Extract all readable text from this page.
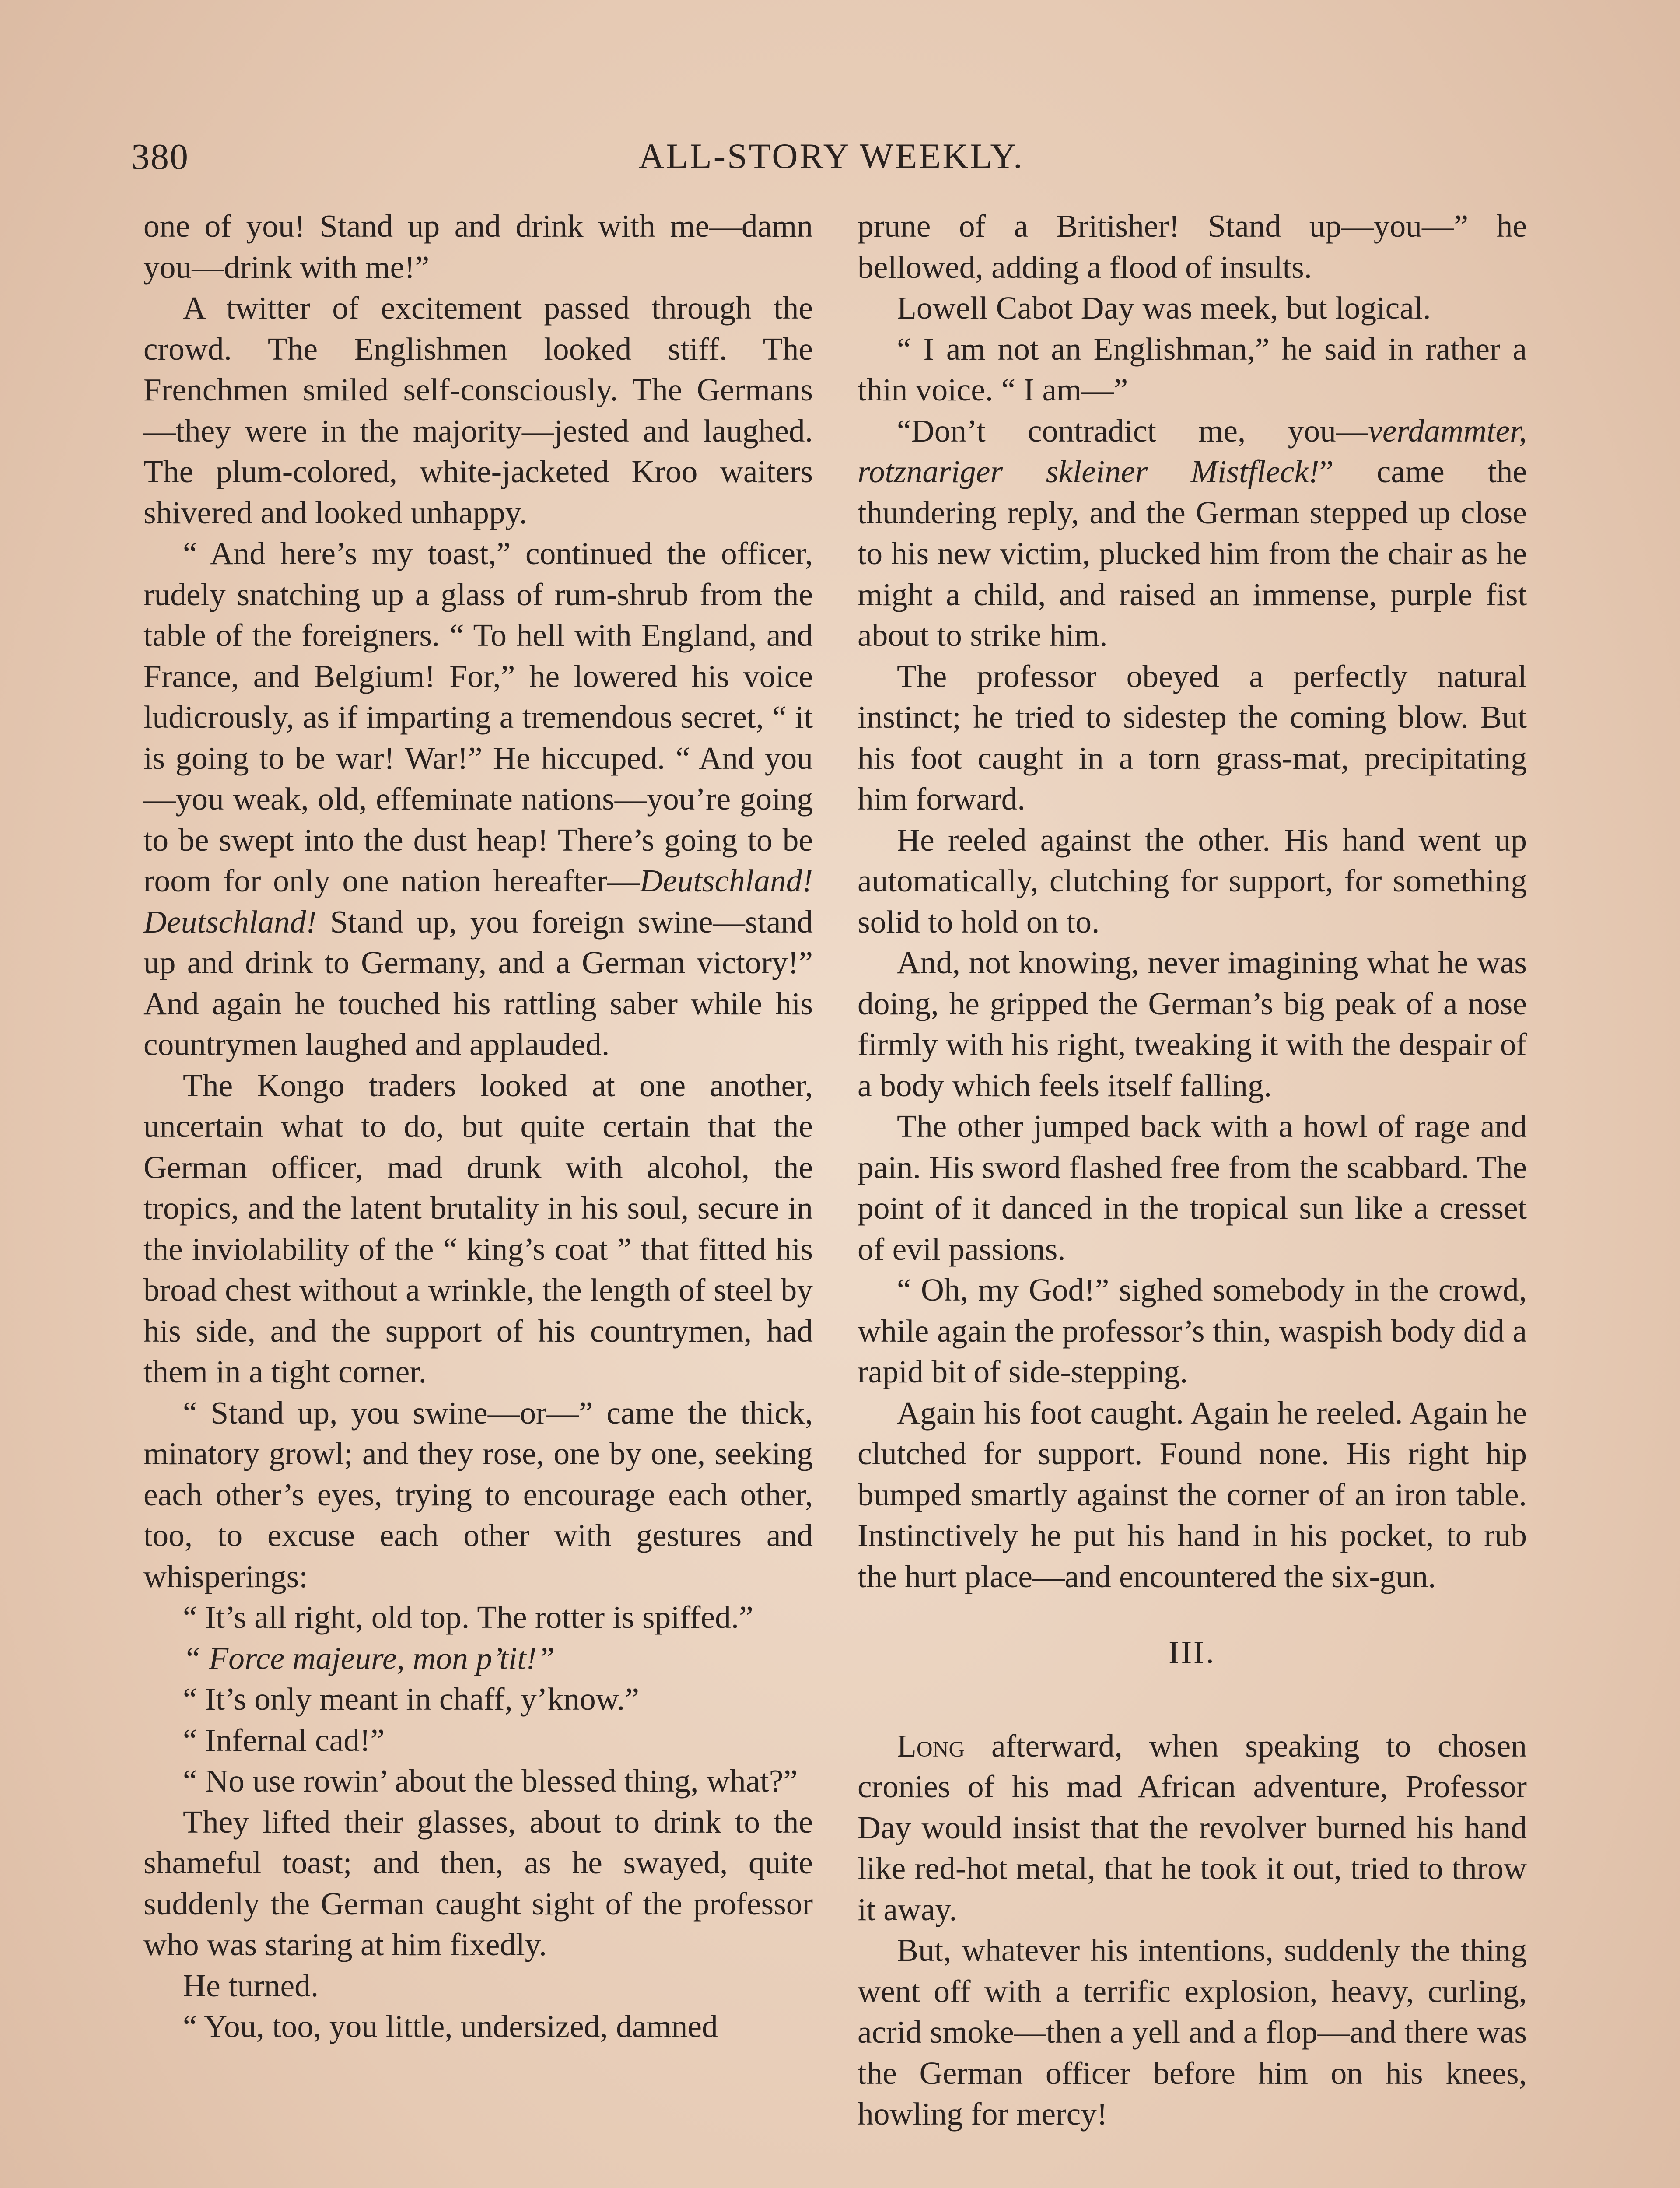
380	ALL-STORY WEEKLY.

one of you! Stand up and drink with me—damn you—drink with me!”

A twitter of excitement passed through the crowd. The Englishmen looked stiff. The Frenchmen smiled self-consciously. The Germans—they were in the majority—jested and laughed. The plum-colored, white-jacketed Kroo waiters shivered and looked unhappy.

“ And here’s my toast,” continued the officer, rudely snatching up a glass of rum-shrub from the table of the foreigners. “ To hell with England, and France, and Belgium! For,” he lowered his voice ludicrously, as if imparting a tremendous secret, “ it is going to be war! War!” He hiccuped. “ And you—you weak, old, effeminate nations—you’re going to be swept into the dust heap! There’s going to be room for only one nation hereafter—Deutschland! Deutschland! Stand up, you foreign swine—stand up and drink to Germany, and a German victory!” And again he touched his rattling saber while his countrymen laughed and applauded.

The Kongo traders looked at one another, uncertain what to do, but quite certain that the German officer, mad drunk with alcohol, the tropics, and the latent brutality in his soul, secure in the inviolability of the “ king’s coat ” that fitted his broad chest without a wrinkle, the length of steel by his side, and the support of his countrymen, had them in a tight corner.

“ Stand up, you swine—or—” came the thick, minatory growl; and they rose, one by one, seeking each other’s eyes, trying to encourage each other, too, to excuse each other with gestures and whisperings:

“ It’s all right, old top. The rotter is spiffed.”

“ Force majeure, mon p’tit!”

“ It’s only meant in chaff, y’know.”

“ Infernal cad!”

“ No use rowin’ about the blessed thing, what?”

They lifted their glasses, about to drink to the shameful toast; and then, as he swayed, quite suddenly the German caught sight of the professor who was staring at him fixedly.

He turned.

“ You, too, you little, undersized, damned

prune of a Britisher! Stand up—you—” he bellowed, adding a flood of insults.

Lowell Cabot Day was meek, but logical.

“ I am not an Englishman,” he said in rather a thin voice. “ I am—”

“Don’t contradict me, you—verdammter, rotznariger skleiner Mistfleck!” came the thundering reply, and the German stepped up close to his new victim, plucked him from the chair as he might a child, and raised an immense, purple fist about to strike him.

The professor obeyed a perfectly natural instinct; he tried to sidestep the coming blow. But his foot caught in a torn grass-mat, precipitating him forward.

He reeled against the other. His hand went up automatically, clutching for support, for something solid to hold on to.

And, not knowing, never imagining what he was doing, he gripped the German’s big peak of a nose firmly with his right, tweaking it with the despair of a body which feels itself falling.

The other jumped back with a howl of rage and pain. His sword flashed free from the scabbard. The point of it danced in the tropical sun like a cresset of evil passions.

“ Oh, my God!” sighed somebody in the crowd, while again the professor’s thin, waspish body did a rapid bit of side-stepping.

Again his foot caught. Again he reeled. Again he clutched for support. Found none. His right hip bumped smartly against the corner of an iron table. Instinctively he put his hand in his pocket, to rub the hurt place—and encountered the six-gun.

III.

Long afterward, when speaking to chosen cronies of his mad African adventure, Professor Day would insist that the revolver burned his hand like red-hot metal, that he took it out, tried to throw it away.

But, whatever his intentions, suddenly the thing went off with a terrific explosion, heavy, curling, acrid smoke—then a yell and a flop—and there was the German officer before him on his knees, howling for mercy!
